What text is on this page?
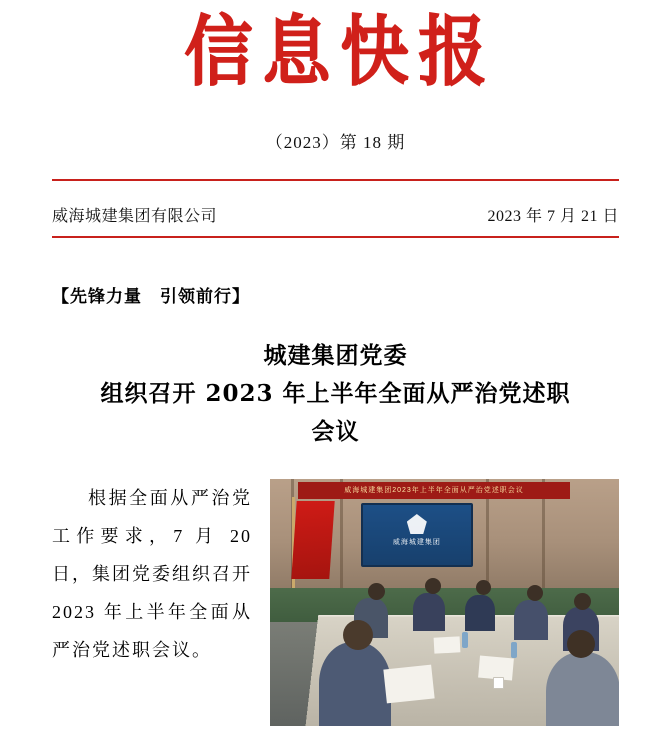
信息快报
（2023）第 18 期
威海城建集团有限公司	2023 年 7 月 21 日
【先锋力量　引领前行】
城建集团党委
组织召开 2023 年上半年全面从严治党述职
会议

根据全面从严治党工作要求，7 月 20 日，集团党委组织召开 2023 年上半年全面从严治党述职会议。

威海城建集团2023年上半年全面从严治党述职会议
威海城建集团
